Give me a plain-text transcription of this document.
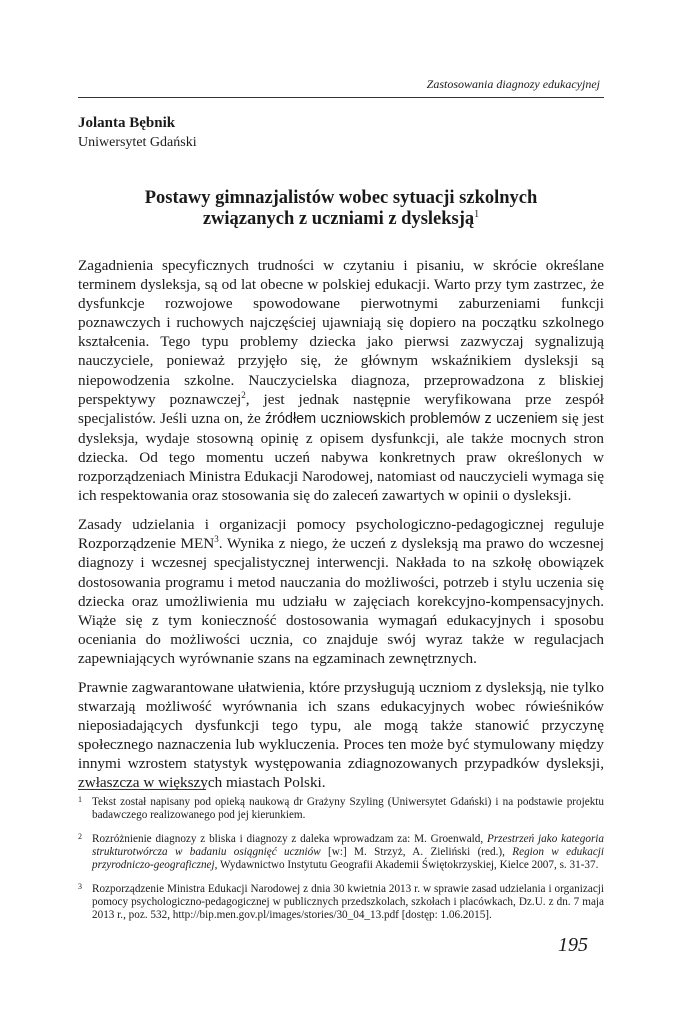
Zastosowania diagnozy edukacyjnej
Jolanta Bębnik
Uniwersytet Gdański
Postawy gimnazjalistów wobec sytuacji szkolnych
związanych z uczniami z dysleksją$^1$

Zagadnienia specyficznych trudności w czytaniu i pisaniu, w skrócie określane terminem dysleksja, są od lat obecne w polskiej edukacji. Warto przy tym zastrzec, że dysfunkcje rozwojowe spowodowane pierwotnymi zaburzeniami funkcji poznawczych i ruchowych najczęściej ujawniają się dopiero na początku szkolnego kształcenia. Tego typu problemy dziecka jako pierwsi zazwyczaj sygnalizują nauczyciele, ponieważ przyjęło się, że głównym wskaźnikiem dysleksji są niepowodzenia szkolne. Nauczycielska diagnoza, przeprowadzona z bliskiej perspektywy poznawczej$^2$, jest jednak następnie weryfikowana prze zespół specjalistów. Jeśli uzna on, że źródłem uczniowskich problemów z uczeniem się jest dysleksja, wydaje stosowną opinię z opisem dysfunkcji, ale także mocnych stron dziecka. Od tego momentu uczeń nabywa konkretnych praw określonych w rozporządzeniach Ministra Edukacji Narodowej, natomiast od nauczycieli wymaga się ich respektowania oraz stosowania się do zaleceń zawartych w opinii o dysleksji.

Zasady udzielania i organizacji pomocy psychologiczno-pedagogicznej reguluje Rozporządzenie MEN$^3$. Wynika z niego, że uczeń z dysleksją ma prawo do wczesnej diagnozy i wczesnej specjalistycznej interwencji. Nakłada to na szkołę obowiązek dostosowania programu i metod nauczania do możliwości, potrzeb i stylu uczenia się dziecka oraz umożliwienia mu udziału w zajęciach korekcyjno-kompensacyjnych. Wiąże się z tym konieczność dostosowania wymagań edukacyjnych i sposobu oceniania do możliwości ucznia, co znajduje swój wyraz także w regulacjach zapewniających wyrównanie szans na egzaminach zewnętrznych.

Prawnie zagwarantowane ułatwienia, które przysługują uczniom z dysleksją, nie tylko stwarzają możliwość wyrównania ich szans edukacyjnych wobec rówieśników nieposiadających dysfunkcji tego typu, ale mogą także stanowić przyczynę społecznego naznaczenia lub wykluczenia. Proces ten może być stymulowany między innymi wzrostem statystyk występowania zdiagnozowanych przypadków dysleksji, zwłaszcza w większych miastach Polski.

1 Tekst został napisany pod opieką naukową dr Grażyny Szyling (Uniwersytet Gdański) i na podstawie projektu badawczego realizowanego pod jej kierunkiem.
2 Rozróżnienie diagnozy z bliska i diagnozy z daleka wprowadzam za: M. Groenwald, Przestrzeń jako kategoria strukturotwórcza w badaniu osiągnięć uczniów [w:] M. Strzyż, A. Zieliński (red.), Region w edukacji przyrodniczo-geograficznej, Wydawnictwo Instytutu Geografii Akademii Świętokrzyskiej, Kielce 2007, s. 31-37.
3 Rozporządzenie Ministra Edukacji Narodowej z dnia 30 kwietnia 2013 r. w sprawie zasad udzielania i organizacji pomocy psychologiczno-pedagogicznej w publicznych przedszkolach, szkołach i placówkach, Dz.U. z dn. 7 maja 2013 r., poz. 532, http://bip.men.gov.pl/images/stories/30_04_13.pdf [dostęp: 1.06.2015].
195
